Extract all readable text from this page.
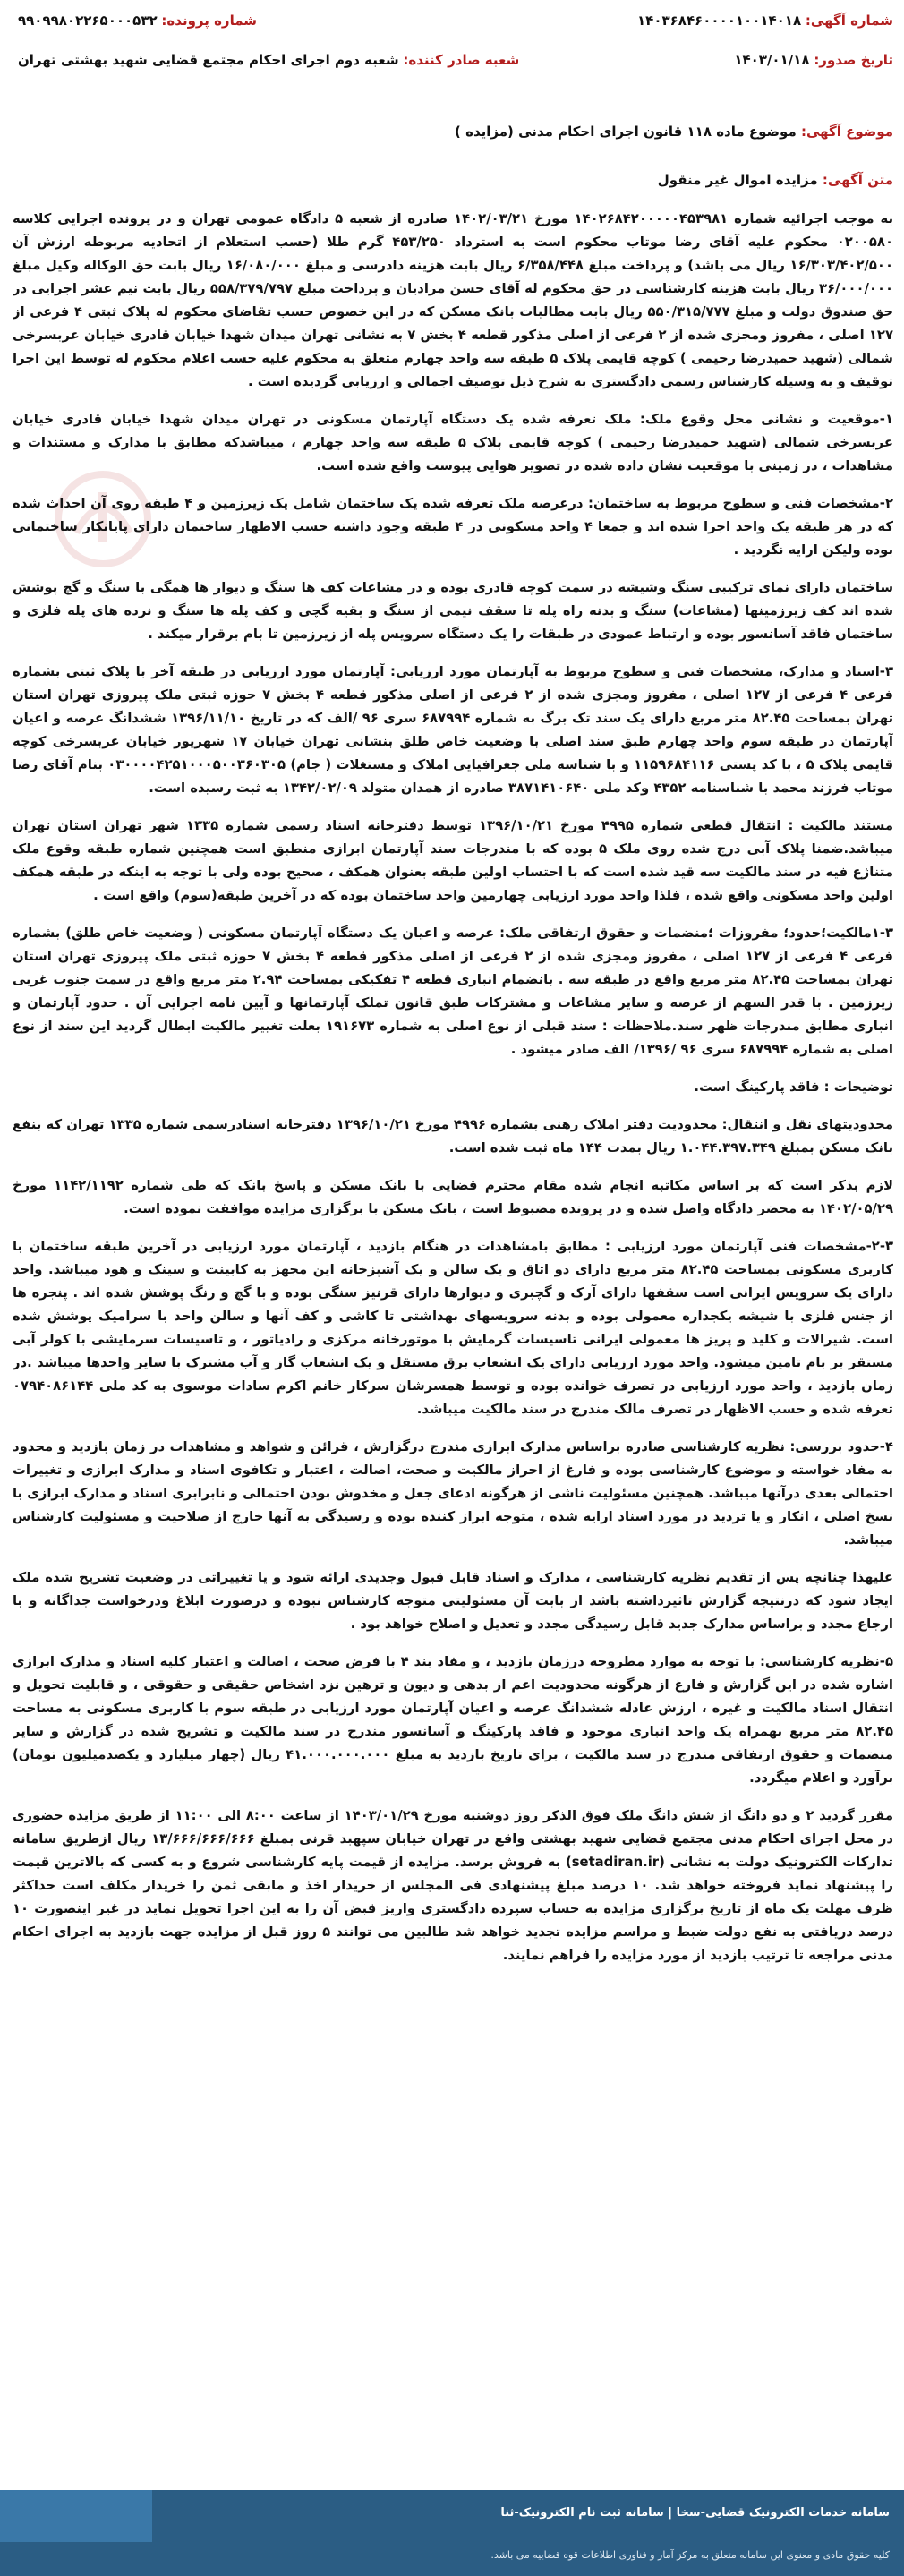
شماره آگهی: ۱۴۰۳۶۸۴۶۰۰۰۰۱۰۰۱۴۰۱۸
شماره پرونده: ۹۹۰۹۹۸۰۲۲۶۵۰۰۰۵۳۲
تاریخ صدور: ۱۴۰۳/۰۱/۱۸
شعبه صادر کننده: شعبه دوم اجرای احکام مجتمع قضایی شهید بهشتی تهران
موضوع آگهی: موضوع ماده ۱۱۸ قانون اجرای احکام مدنی (مزایده )
متن آگهی: مزایده اموال غیر منقول

به موجب اجرائیه شماره ۱۴۰۲۶۸۴۲۰۰۰۰۰۴۵۳۹۸۱ مورخ ۱۴۰۲/۰۳/۲۱ صادره از شعبه ۵ دادگاه عمومی تهران و در پرونده اجرایی کلاسه ۰۲۰۰۵۸۰ محکوم علیه آقای رضا موتاب محکوم است به استرداد ۴۵۳/۲۵۰ گرم طلا (حسب استعلام از اتحادیه مربوطه ارزش آن ۱۶/۳۰۳/۴۰۲/۵۰۰ ریال می باشد) و پرداخت مبلغ ۶/۳۵۸/۴۴۸ ریال بابت هزینه دادرسی و مبلغ ۱۶/۰۸۰/۰۰۰ ریال بابت حق الوکاله وکیل مبلغ ۳۶/۰۰۰/۰۰۰ ریال بابت هزینه کارشناسی در حق محکوم له آقای حسن مرادیان و پرداخت مبلغ ۵۵۸/۳۷۹/۷۹۷ ریال بابت نیم عشر اجرایی در حق صندوق دولت و مبلغ ۵۵۰/۳۱۵/۷۷۷ ریال بابت مطالبات بانک مسکن که در این خصوص حسب تقاضای محکوم له پلاک ثبتی ۴ فرعی از ۱۲۷ اصلی ، مفروز ومجزی شده از ۲ فرعی از اصلی مذکور قطعه ۴ بخش ۷ به نشانی تهران میدان شهدا خیابان قادری خیابان عربسرخی شمالی (شهید حمیدرضا رحیمی ) کوچه قایمی پلاک ۵ طبقه سه واحد چهارم متعلق به محکوم علیه حسب اعلام محکوم له توسط این اجرا توقیف و به وسیله کارشناس رسمی دادگستری به شرح ذیل توصیف اجمالی و ارزیابی گردیده است .

۱-موقعیت و نشانی محل وقوع ملک: ملک تعرفه شده یک دستگاه آپارتمان مسکونی در تهران میدان شهدا خیابان قادری خیابان عربسرخی شمالی (شهید حمیدرضا رحیمی ) کوچه قایمی پلاک ۵ طبقه سه واحد چهارم ، میباشدکه مطابق با مدارک و مستندات و مشاهدات ، در زمینی با موقعیت نشان داده شده در تصویر هوایی پیوست واقع شده است.

۲-مشخصات فنی و سطوح مربوط به ساختمان: درعرصه ملک تعرفه شده یک ساختمان شامل یک زیرزمین و ۴ طبقه روی آن احداث شده که در هر طبقه یک واحد اجرا شده اند و جمعا ۴ واحد مسکونی در ۴ طبقه وجود داشته حسب الاظهار ساختمان دارای پایانکار ساختمانی بوده ولیکن ارایه نگردید .

ساختمان دارای نمای ترکیبی سنگ وشیشه در سمت کوچه قادری بوده و در مشاعات کف ها سنگ و دیوار ها همگی با سنگ و گچ پوشش شده اند کف زیرزمینها (مشاعات) سنگ و بدنه راه پله تا سقف نیمی از سنگ و بقیه گچی و کف پله ها سنگ و نرده های پله فلزی و ساختمان فاقد آسانسور بوده و ارتباط عمودی در طبقات را یک دستگاه سرویس پله از زیرزمین تا بام برقرار میکند .

۳-اسناد و مدارک، مشخصات فنی و سطوح مربوط به آپارتمان مورد ارزیابی: آپارتمان مورد ارزیابی در طبقه آخر با پلاک ثبتی بشماره فرعی ۴ فرعی از ۱۲۷ اصلی ، مفروز ومجزی شده از ۲ فرعی از اصلی مذکور قطعه ۴ بخش ۷ حوزه ثبتی ملک پیروزی تهران استان تهران بمساحت ۸۲.۴۵ متر مربع دارای یک سند تک برگ به شماره ۶۸۷۹۹۴ سری ۹۶ /الف که در تاریخ ۱۳۹۶/۱۱/۱۰ ششدانگ عرصه و اعیان آپارتمان در طبقه سوم واحد چهارم طبق سند اصلی با وضعیت خاص طلق بنشانی تهران خیابان ۱۷ شهریور خیابان عربسرخی کوچه قایمی پلاک ۵ ، با کد پستی ۱۱۵۹۶۸۴۱۱۶ و با شناسه ملی جغرافیایی املاک و مستغلات ( جام) ۰۳۰۰۰۰۴۲۵۱۰۰۰۵۰۰۳۶۰۳۰۵ بنام آقای رضا موتاب فرزند محمد با شناسنامه ۴۳۵۲ وکد ملی ۳۸۷۱۴۱۰۶۴۰ صادره از همدان متولد ۱۳۴۲/۰۲/۰۹ به ثبت رسیده است.

مستند مالکیت : انتقال قطعی شماره ۴۹۹۵ مورخ ۱۳۹۶/۱۰/۲۱ توسط دفترخانه اسناد رسمی شماره ۱۳۳۵ شهر تهران استان تهران میباشد.ضمنا پلاک آبی درج شده روی ملک ۵ بوده که با مندرجات سند آپارتمان ابرازی منطبق است همچنین شماره طبقه وقوع ملک متناژع فیه در سند مالکیت سه قید شده است که با احتساب اولین طبقه بعنوان همکف ، صحیح بوده ولی با توجه به اینکه در طبقه همکف اولین واحد مسکونی واقع شده ، فلذا واحد مورد ارزیابی چهارمین واحد ساختمان بوده که در آخرین طبقه(سوم) واقع است .

۱-۳مالکیت؛حدود؛ مفروزات ؛منضمات و حقوق ارتفاقی ملک: عرصه و اعیان یک دستگاه آپارتمان مسکونی ( وضعیت خاص طلق) بشماره فرعی ۴ فرعی از ۱۲۷ اصلی ، مفروز ومجزی شده از ۲ فرعی از اصلی مذکور قطعه ۴ بخش ۷ حوزه ثبتی ملک پیروزی تهران استان تهران بمساحت ۸۲.۴۵ متر مربع واقع در طبقه سه . بانضمام انباری قطعه ۴ تفکیکی بمساحت ۲.۹۴ متر مربع واقع در سمت جنوب غربی زیرزمین . با قدر السهم از عرصه و سایر مشاعات و مشترکات طبق قانون تملک آپارتمانها و آیین نامه اجرایی آن . حدود آپارتمان و انباری مطابق مندرجات ظهر سند.ملاحظات : سند قبلی از نوع اصلی به شماره ۱۹۱۶۷۳ بعلت تغییر مالکیت ابطال گردید این سند از نوع اصلی به شماره ۶۸۷۹۹۴ سری ۹۶ /۱۳۹۶/ الف صادر میشود .

توضیحات : فاقد پارکینگ است.

محدودیتهای نقل و انتقال: محدودیت دفتر املاک رهنی بشماره ۴۹۹۶ مورخ ۱۳۹۶/۱۰/۲۱ دفترخانه اسنادرسمی شماره ۱۳۳۵ تهران که بنفع بانک مسکن بمبلغ ۱.۰۴۴.۳۹۷.۳۴۹ ریال بمدت ۱۴۴ ماه ثبت شده است.

لازم بذکر است که بر اساس مکاتبه انجام شده مقام محترم قضایی با بانک مسکن و پاسخ بانک که طی شماره ۱۱۴۲/۱۱۹۲ مورخ ۱۴۰۲/۰۵/۲۹ به محضر دادگاه واصل شده و در پرونده مضبوط است ، بانک مسکن با برگزاری مزایده موافقت نموده است.

۲-۳-مشخصات فنی آپارتمان مورد ارزیابی : مطابق بامشاهدات در هنگام بازدید ، آپارتمان مورد ارزیابی در آخرین طبقه ساختمان با کاربری مسکونی بمساحت ۸۲.۴۵ متر مربع دارای دو اتاق و یک سالن و یک آشپزخانه این مجهز به کابینت و سینک و هود میباشد. واحد دارای یک سرویس ایرانی است سقفها دارای آرک و گچبری و دیوارها دارای قرنیز سنگی بوده و با گچ و رنگ پوشش شده اند . پنجره ها از جنس فلزی با شیشه یکجداره معمولی بوده و بدنه سرویسهای بهداشتی تا کاشی و کف آنها و سالن واحد با سرامیک پوشش شده است. شیرالات و کلید و پریز ها معمولی ایرانی تاسیسات گرمایش با موتورخانه مرکزی و رادیاتور ، و تاسیسات سرمایشی با کولر آبی مستقر بر بام تامین میشود. واحد مورد ارزیابی دارای یک انشعاب برق مستقل و یک انشعاب گاز و آب مشترک با سایر واحدها میباشد .در زمان بازدید ، واحد مورد ارزیابی در تصرف خوانده بوده و توسط همسرشان سرکار خانم اکرم سادات موسوی به کد ملی ۰۷۹۴۰۸۶۱۴۴ تعرفه شده و حسب الاظهار در تصرف مالک مندرج در سند مالکیت میباشد.

۴-حدود بررسی: نظریه کارشناسی صادره براساس مدارک ابرازی مندرج درگزارش ، قرائن و شواهد و مشاهدات در زمان بازدید و محدود به مفاد خواسته و موضوع کارشناسی بوده و فارغ از احراز مالکیت و صحت، اصالت ، اعتبار و تکافوی اسناد و مدارک ابرازی و تغییرات احتمالی بعدی درآنها میباشد. همچنین مسئولیت ناشی از هرگونه ادعای جعل و مخدوش بودن احتمالی و نابرابری اسناد و مدارک ابرازی با نسخ اصلی ، انکار و یا تردید در مورد اسناد ارایه شده ، متوجه ابراز کننده بوده و رسیدگی به آنها خارج از صلاحیت و مسئولیت کارشناس میباشد.

علیهذا چنانچه پس از تقدیم نظریه کارشناسی ، مدارک و اسناد قابل قبول وجدیدی ارائه شود و یا تغییراتی در وضعیت تشریح شده ملک ایجاد شود که درنتیجه گزارش تاثیرداشته باشد از بابت آن مسئولیتی متوجه کارشناس نبوده و درصورت ابلاغ ودرخواست جداگانه و با ارجاع مجدد و براساس مدارک جدید قابل رسیدگی مجدد و تعدیل و اصلاح خواهد بود .

۵-نظریه کارشناسی: با توجه به موارد مطروحه درزمان بازدید ، و مفاد بند ۴ با فرض صحت ، اصالت و اعتبار کلیه اسناد و مدارک ابرازی اشاره شده در این گزارش و فارغ از هرگونه محدودیت اعم از بدهی و دیون و ترهین نزد اشخاص حقیقی و حقوقی ، و قابلیت تحویل و انتقال اسناد مالکیت و غیره ، ارزش عادله ششدانگ عرصه و اعیان آپارتمان مورد ارزیابی در طبقه سوم با کاربری مسکونی به مساحت ۸۲.۴۵ متر مربع بهمراه یک واحد انباری موجود و فاقد پارکینگ و آسانسور مندرج در سند مالکیت و تشریح شده در گزارش و سایر منضمات و حقوق ارتفاقی مندرج در سند مالکیت ، برای تاریخ بازدید به مبلغ ۴۱.۰۰۰.۰۰۰.۰۰۰ ریال (چهار میلیارد و یکصدمیلیون تومان) برآورد و اعلام میگردد.

مقرر گردید ۲ و دو دانگ از شش دانگ ملک فوق الذکر روز دوشنبه مورخ ۱۴۰۳/۰۱/۲۹ از ساعت ۸:۰۰ الی ۱۱:۰۰ از طریق مزایده حضوری در محل اجرای احکام مدنی مجتمع قضایی شهید بهشتی واقع در تهران خیابان سپهبد قرنی بمبلغ ۱۳/۶۶۶/۶۶۶/۶۶۶ ریال ازطریق سامانه تدارکات الکترونیک دولت به نشانی (setadiran.ir) به فروش برسد. مزایده از قیمت پایه کارشناسی شروع و به کسی که بالاترین قیمت را پیشنهاد نماید فروخته خواهد شد. ۱۰ درصد مبلغ پیشنهادی فی المجلس از خریدار اخذ و مابقی ثمن را خریدار مکلف است حداکثر ظرف مهلت یک ماه از تاریخ برگزاری مزایده به حساب سپرده دادگستری واریز قبض آن را به این اجرا تحویل نماید در غیر اینصورت ۱۰ درصد دریافتی به نفع دولت ضبط و مراسم مزایده تجدید خواهد شد طالبین می توانند ۵ روز قبل از مزایده جهت بازدید به اجرای احکام مدنی مراجعه تا ترتیب بازدید از مورد مزایده را فراهم نمایند.

سامانه خدمات الکترونیک قضایی-سخا | سامانه ثبت نام الکترونیک-ثنا
کلیه حقوق مادی و معنوی این سامانه متعلق به مرکز آمار و فناوری اطلاعات قوه قضاییه می باشد.
